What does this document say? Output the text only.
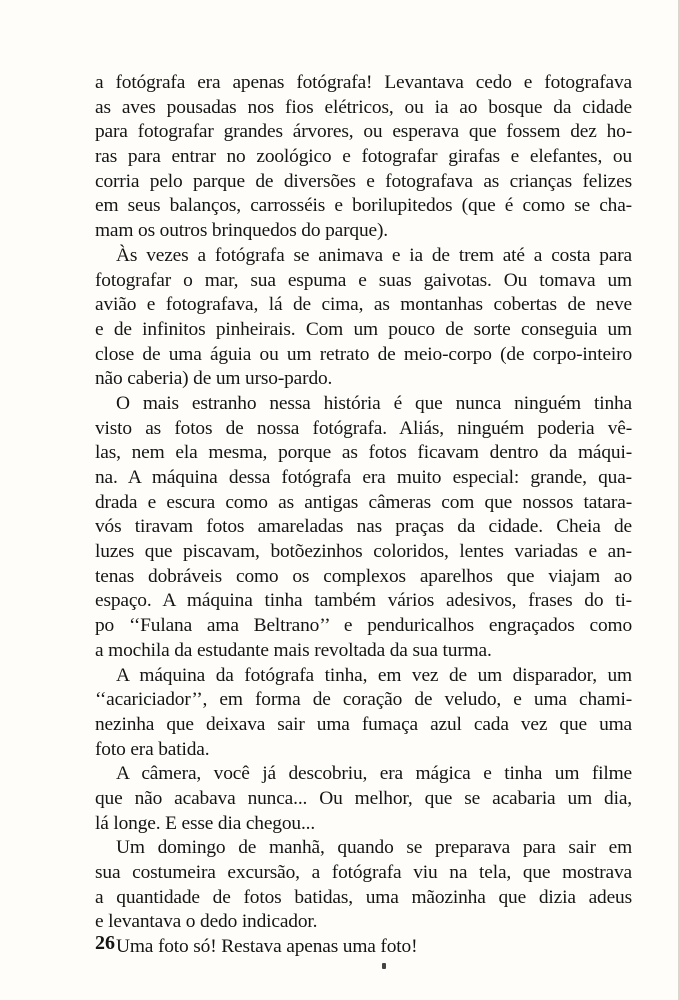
a fotógrafa era apenas fotógrafa! Levantava cedo e fotografava
as aves pousadas nos fios elétricos, ou ia ao bosque da cidade
para fotografar grandes árvores, ou esperava que fossem dez ho-
ras para entrar no zoológico e fotografar girafas e elefantes, ou
corria pelo parque de diversões e fotografava as crianças felizes
em seus balanços, carrosséis e borilupitedos (que é como se cha-
mam os outros brinquedos do parque).
Às vezes a fotógrafa se animava e ia de trem até a costa para
fotografar o mar, sua espuma e suas gaivotas. Ou tomava um
avião e fotografava, lá de cima, as montanhas cobertas de neve
e de infinitos pinheirais. Com um pouco de sorte conseguia um
close de uma águia ou um retrato de meio-corpo (de corpo-inteiro
não caberia) de um urso-pardo.
O mais estranho nessa história é que nunca ninguém tinha
visto as fotos de nossa fotógrafa. Aliás, ninguém poderia vê-
las, nem ela mesma, porque as fotos ficavam dentro da máqui-
na. A máquina dessa fotógrafa era muito especial: grande, qua-
drada e escura como as antigas câmeras com que nossos tatara-
vós tiravam fotos amareladas nas praças da cidade. Cheia de
luzes que piscavam, botõezinhos coloridos, lentes variadas e an-
tenas dobráveis como os complexos aparelhos que viajam ao
espaço. A máquina tinha também vários adesivos, frases do ti-
po ‘‘Fulana ama Beltrano’’ e penduricalhos engraçados como
a mochila da estudante mais revoltada da sua turma.
A máquina da fotógrafa tinha, em vez de um disparador, um
‘‘acariciador’’, em forma de coração de veludo, e uma chami-
nezinha que deixava sair uma fumaça azul cada vez que uma
foto era batida.
A câmera, você já descobriu, era mágica e tinha um filme
que não acabava nunca... Ou melhor, que se acabaria um dia,
lá longe. E esse dia chegou...
Um domingo de manhã, quando se preparava para sair em
sua costumeira excursão, a fotógrafa viu na tela, que mostrava
a quantidade de fotos batidas, uma mãozinha que dizia adeus
e levantava o dedo indicador.
Uma foto só! Restava apenas uma foto!
26
